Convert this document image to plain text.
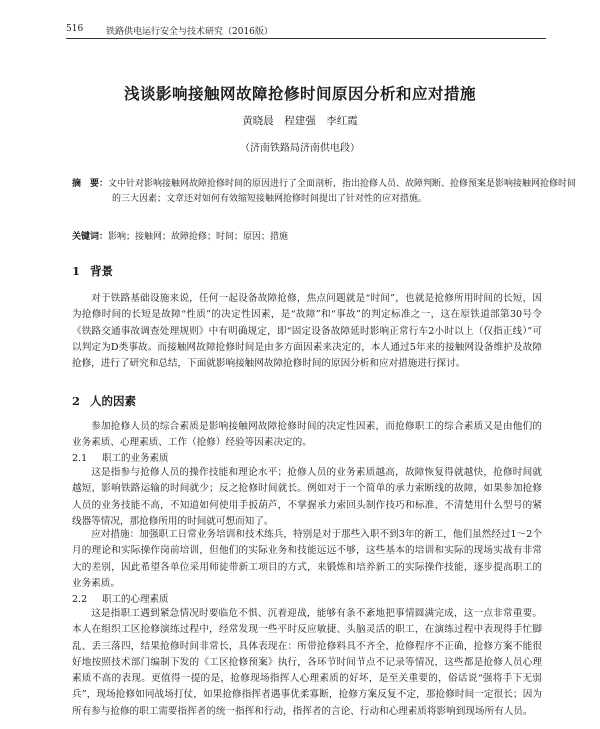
516	铁路供电运行安全与技术研究（2016版）
浅谈影响接触网故障抢修时间原因分析和应对措施
黄晓晨　程建强　李红霞
（济南铁路局济南供电段）
摘　要：文中针对影响接触网故障抢修时间的原因进行了全面剖析，指出抢修人员、故障判断、抢修预案是影响接触网抢修时间的三大因素；文章还对如何有效缩短接触网抢修时间提出了针对性的应对措施。
关键词：影响；接触网；故障抢修；时间；原因；措施
1 背景

对于铁路基础设施来说，任何一起设备故障抢修，焦点问题就是“时间”，也就是抢修所用时间的长短，因为抢修时间的长短是故障“性质”的决定性因素，是“故障”和“事故”的判定标准之一，这在原铁道部第30号令《铁路交通事故调查处理规则》中有明确规定，即“固定设备故障延时影响正常行车2小时以上（仅指正线）”可以判定为D类事故。而接触网故障抢修时间是由多方面因素来决定的，本人通过5年来的接触网设备维护及故障抢修，进行了研究和总结，下面就影响接触网故障抢修时间的原因分析和应对措施进行探讨。

2 人的因素

参加抢修人员的综合素质是影响接触网故障抢修时间的决定性因素，而抢修职工的综合素质又是由他们的业务素质、心理素质、工作（抢修）经验等因素决定的。

2.1 职工的业务素质

这是指参与抢修人员的操作技能和理论水平；抢修人员的业务素质越高，故障恢复得就越快，抢修时间就越短，影响铁路运输的时间就少；反之抢修时间就长。例如对于一个简单的承力索断线的故障，如果参加抢修人员的业务技能不高，不知道如何使用手扳葫芦，不掌握承力索回头制作技巧和标准、不清楚用什么型号的紧线器等情况，那抢修所用的时间就可想而知了。

应对措施：加强职工日常业务培训和技术练兵，特别是对于那些入职不到3年的新工，他们虽然经过1～2个月的理论和实际操作岗前培训，但他们的实际业务和技能远远不够，这些基本的培训和实际的现场实战有非常大的差别，因此希望各单位采用师徒带新工项目的方式，来锻炼和培养新工的实际操作技能，逐步提高职工的业务素质。

2.2 职工的心理素质

这是指职工遇到紧急情况时要临危不惧、沉着迎战，能够有条不紊地把事情圆满完成，这一点非常重要。本人在组织工区抢修演练过程中，经常发现一些平时反应敏捷、头脑灵活的职工，在演练过程中表现得手忙脚乱、丢三落四，结果抢修时间非常长，具体表现在：所带抢修料具不齐全，抢修程序不正确，抢修方案不能很好地按照技术部门编制下发的《工区抢修预案》执行，各环节时间节点不记录等情况，这些都是抢修人员心理素质不高的表现。更值得一提的是，抢修现场指挥人心理素质的好坏，是至关重要的，俗话说“强将手下无弱兵”，现场抢修如同战场打仗，如果抢修指挥者遇事优柔寡断，抢修方案反复不定，那抢修时间一定很长；因为所有参与抢修的职工需要指挥者的统一指挥和行动，指挥者的言论、行动和心理素质将影响到现场所有人员。
